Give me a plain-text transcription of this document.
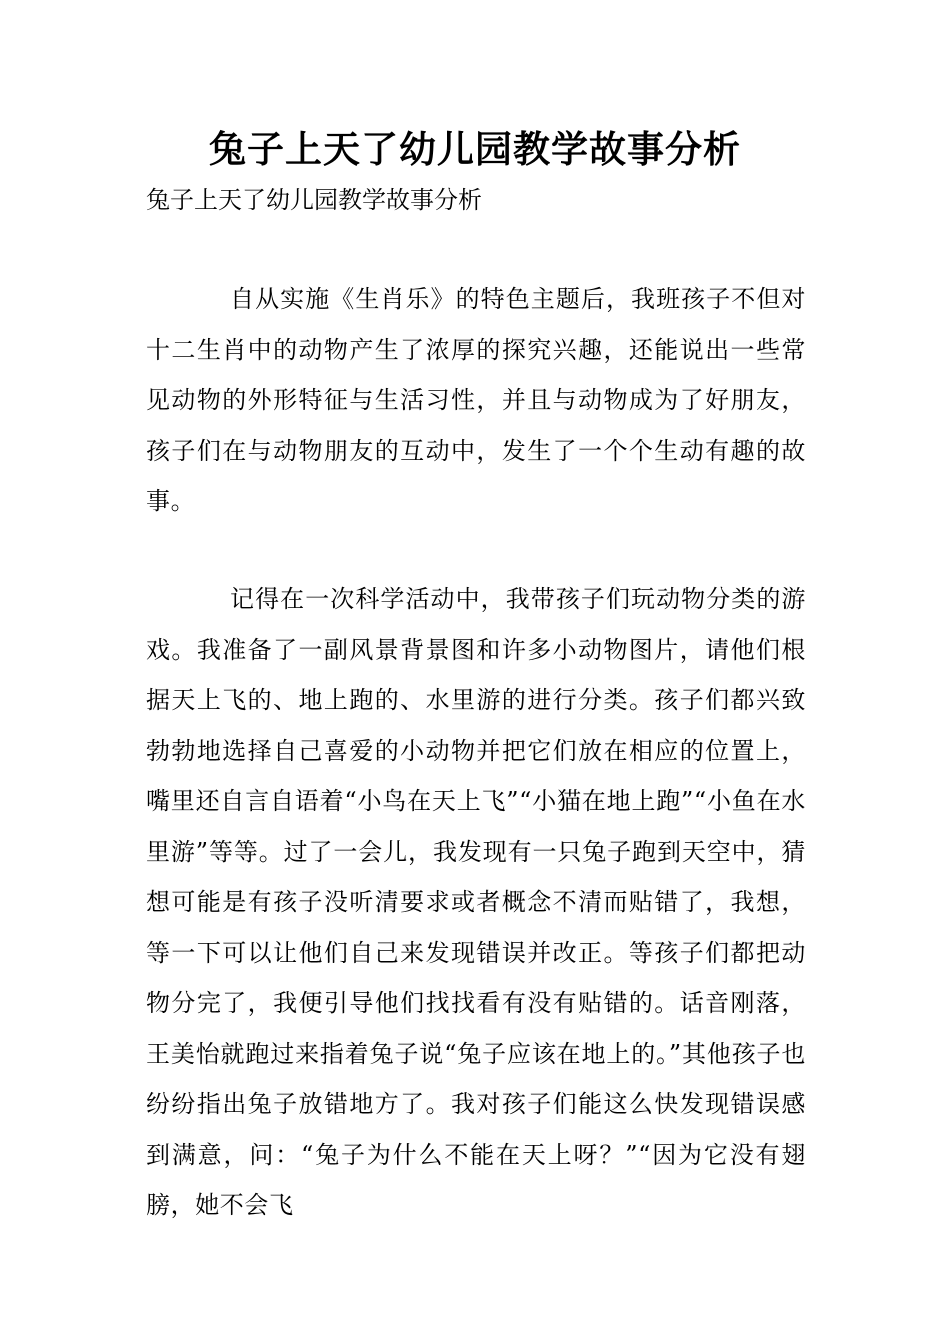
兔子上天了幼儿园教学故事分析

兔子上天了幼儿园教学故事分析

自从实施《生肖乐》的特色主题后，我班孩子不但对十二生肖中的动物产生了浓厚的探究兴趣，还能说出一些常见动物的外形特征与生活习性，并且与动物成为了好朋友，孩子们在与动物朋友的互动中，发生了一个个生动有趣的故事。

记得在一次科学活动中，我带孩子们玩动物分类的游戏。我准备了一副风景背景图和许多小动物图片，请他们根据天上飞的、地上跑的、水里游的进行分类。孩子们都兴致勃勃地选择自己喜爱的小动物并把它们放在相应的位置上，嘴里还自言自语着“小鸟在天上飞”“小猫在地上跑”“小鱼在水里游”等等。过了一会儿，我发现有一只兔子跑到天空中，猜想可能是有孩子没听清要求或者概念不清而贴错了，我想，等一下可以让他们自己来发现错误并改正。等孩子们都把动物分完了，我便引导他们找找看有没有贴错的。话音刚落，王美怡就跑过来指着兔子说“兔子应该在地上的。”其他孩子也纷纷指出兔子放错地方了。我对孩子们能这么快发现错误感到满意，问：“兔子为什么不能在天上呀？”“因为它没有翅膀，她不会飞
